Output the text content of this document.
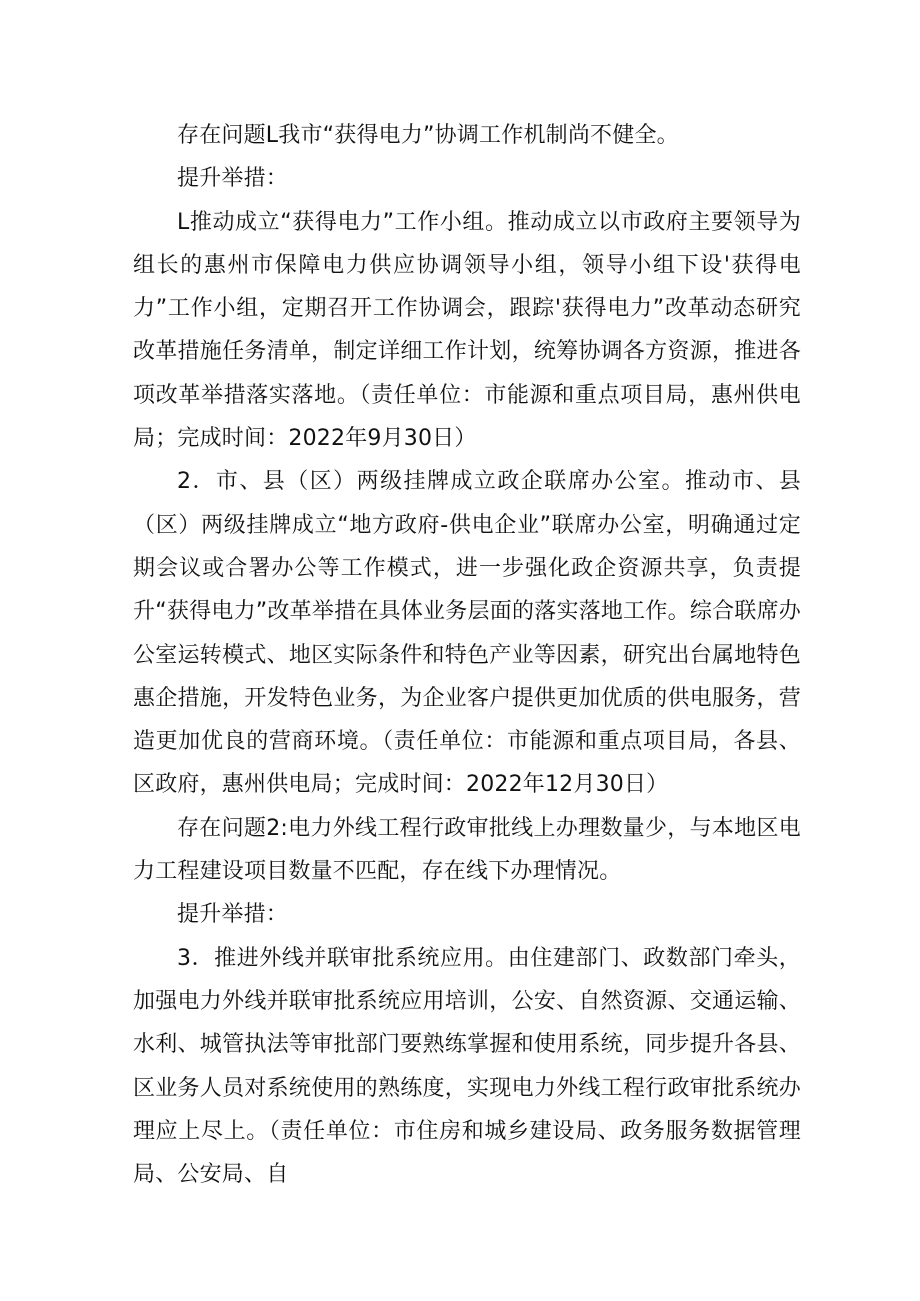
存在问题L我市“获得电力”协调工作机制尚不健全。

提升举措：

L推动成立“获得电力”工作小组。推动成立以市政府主要领导为组长的惠州市保障电力供应协调领导小组，领导小组下设'获得电力”工作小组，定期召开工作协调会，跟踪'获得电力”改革动态研究改革措施任务清单，制定详细工作计划，统筹协调各方资源，推进各项改革举措落实落地。（责任单位：市能源和重点项目局，惠州供电局；完成时间：2022年9月30日）

2．市、县（区）两级挂牌成立政企联席办公室。推动市、县（区）两级挂牌成立“地方政府-供电企业”联席办公室，明确通过定期会议或合署办公等工作模式，进一步强化政企资源共享，负责提升“获得电力”改革举措在具体业务层面的落实落地工作。综合联席办公室运转模式、地区实际条件和特色产业等因素，研究出台属地特色惠企措施，开发特色业务，为企业客户提供更加优质的供电服务，营造更加优良的营商环境。（责任单位：市能源和重点项目局，各县、区政府，惠州供电局；完成时间：2022年12月30日）

存在问题2:电力外线工程行政审批线上办理数量少，与本地区电力工程建设项目数量不匹配，存在线下办理情况。

提升举措：

3．推进外线并联审批系统应用。由住建部门、政数部门牵头，加强电力外线并联审批系统应用培训，公安、自然资源、交通运输、水利、城管执法等审批部门要熟练掌握和使用系统，同步提升各县、区业务人员对系统使用的熟练度，实现电力外线工程行政审批系统办理应上尽上。（责任单位：市住房和城乡建设局、政务服务数据管理局、公安局、自
